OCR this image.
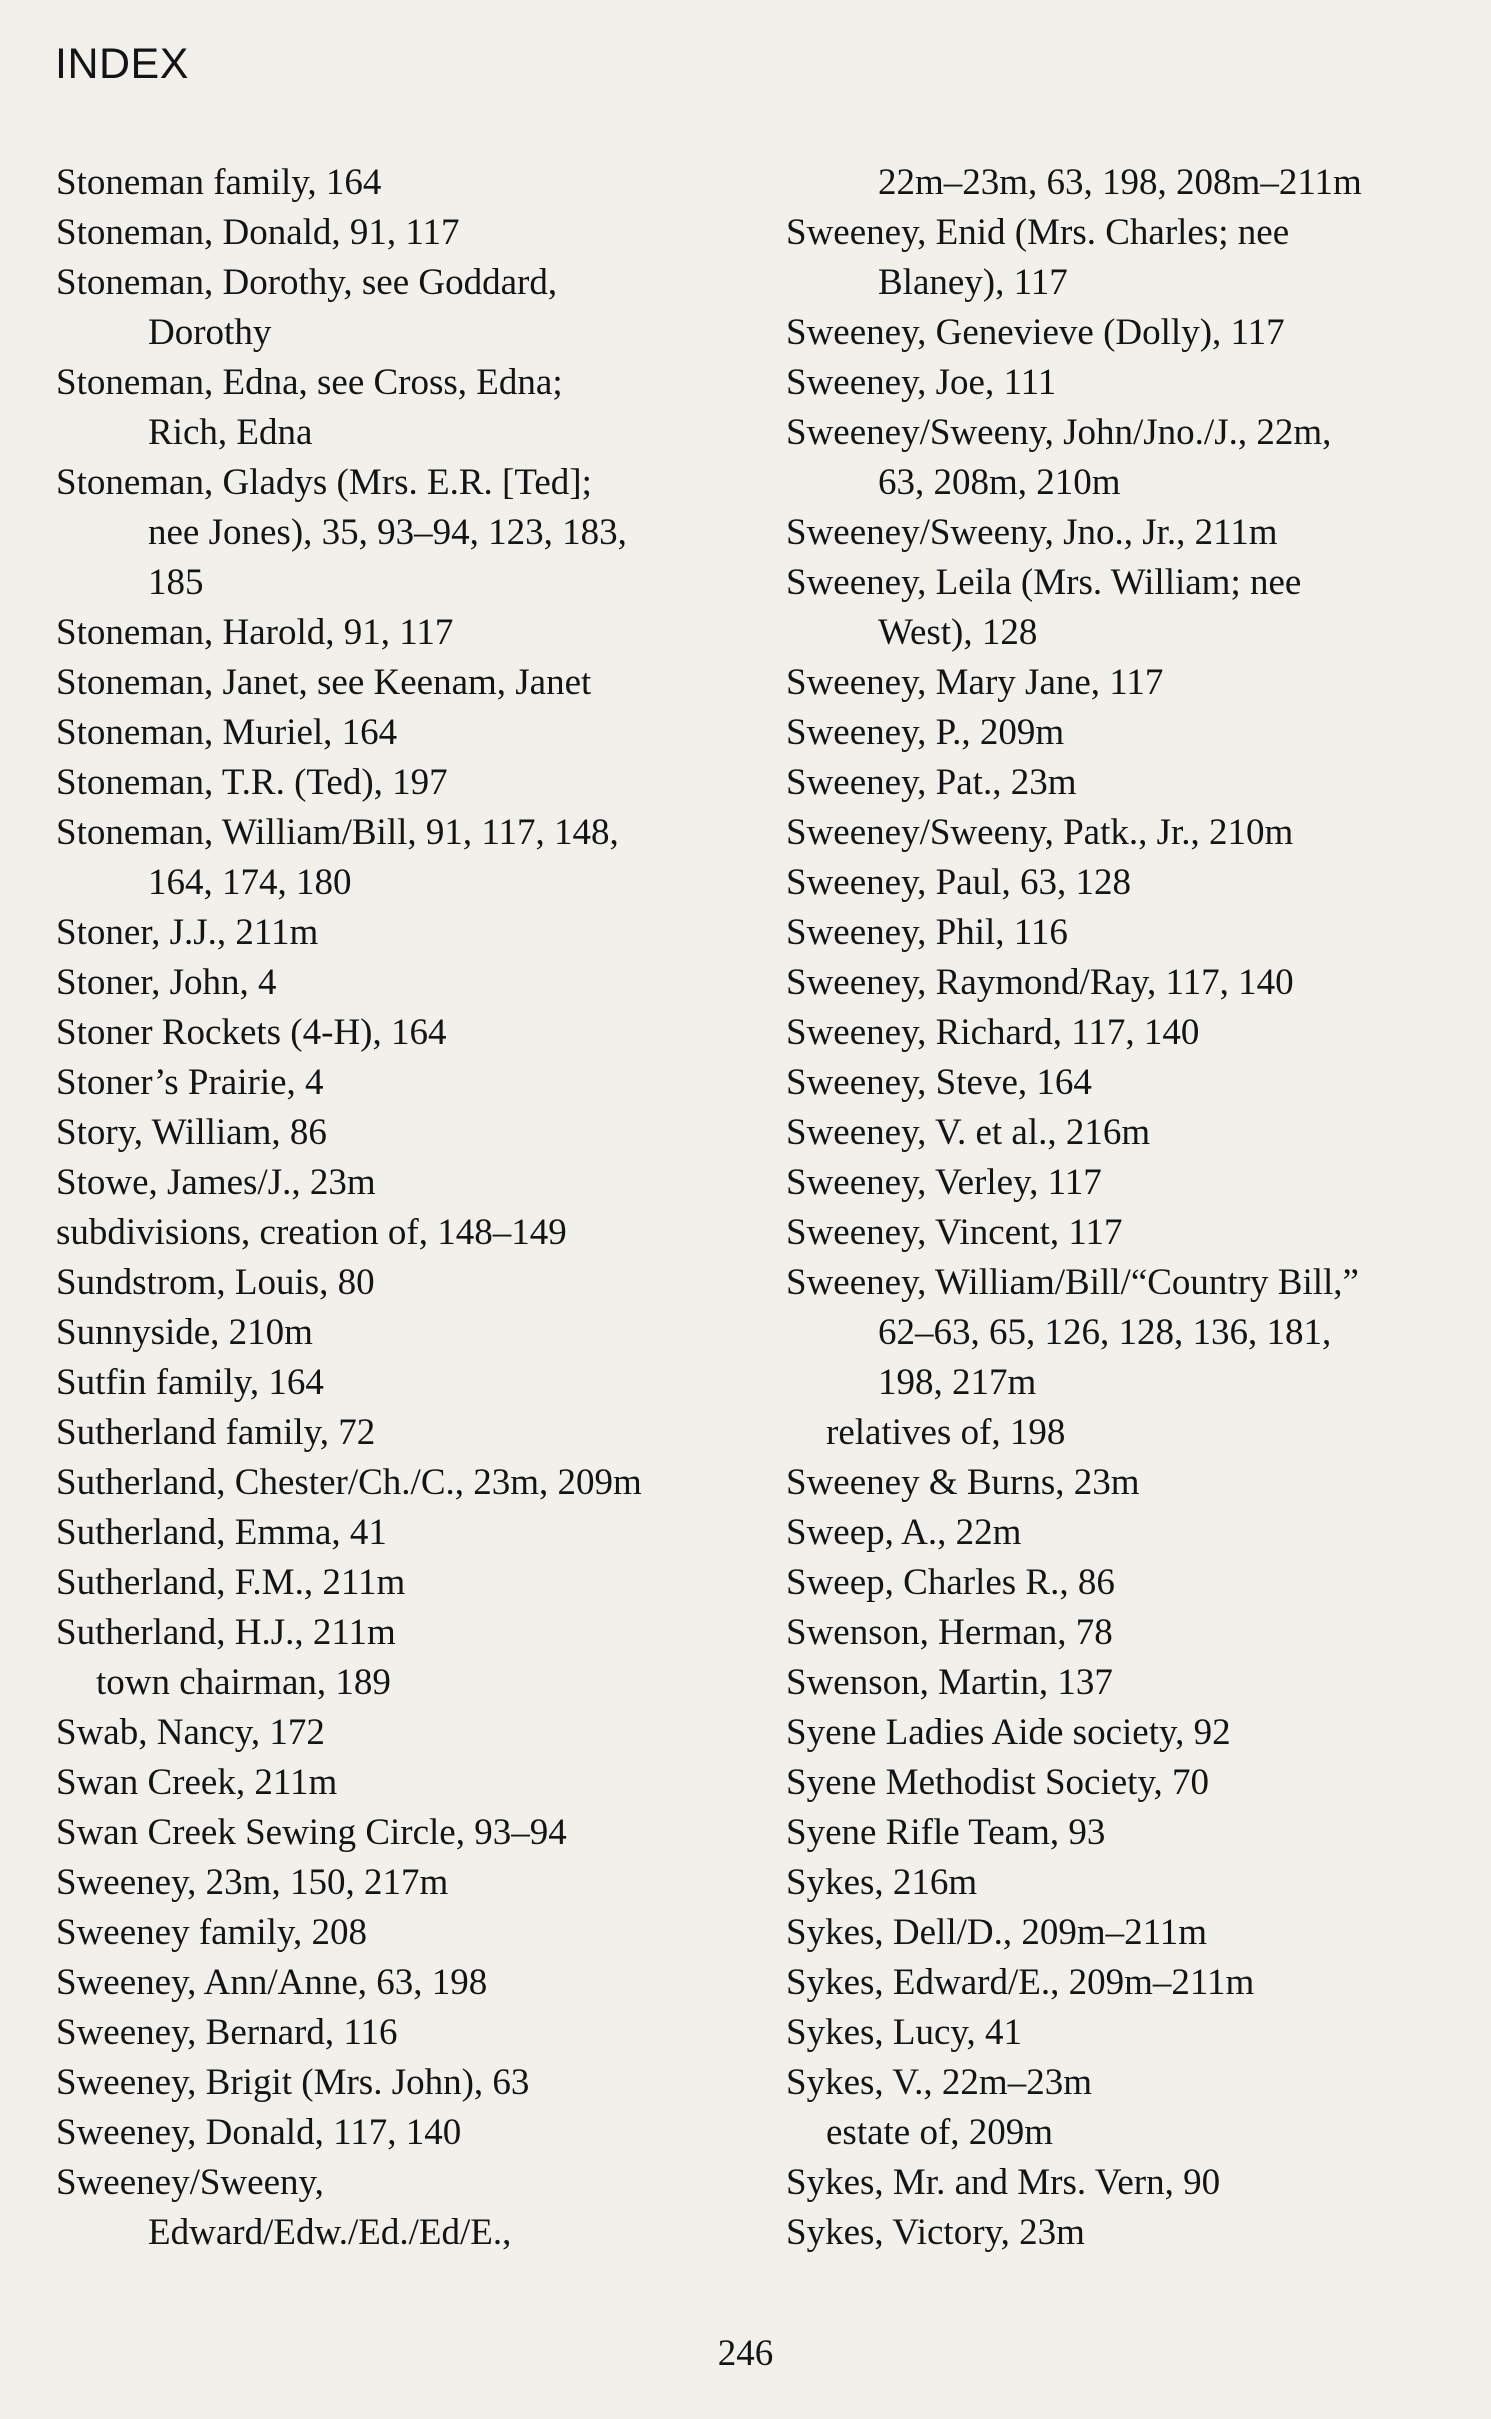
INDEX
Stoneman family, 164
Stoneman, Donald, 91, 117
Stoneman, Dorothy, see Goddard,
Dorothy
Stoneman, Edna, see Cross, Edna;
Rich, Edna
Stoneman, Gladys (Mrs. E.R. [Ted];
nee Jones), 35, 93–94, 123, 183,
185
Stoneman, Harold, 91, 117
Stoneman, Janet, see Keenam, Janet
Stoneman, Muriel, 164
Stoneman, T.R. (Ted), 197
Stoneman, William/Bill, 91, 117, 148,
164, 174, 180
Stoner, J.J., 211m
Stoner, John, 4
Stoner Rockets (4-H), 164
Stoner’s Prairie, 4
Story, William, 86
Stowe, James/J., 23m
subdivisions, creation of, 148–149
Sundstrom, Louis, 80
Sunnyside, 210m
Sutfin family, 164
Sutherland family, 72
Sutherland, Chester/Ch./C., 23m, 209m
Sutherland, Emma, 41
Sutherland, F.M., 211m
Sutherland, H.J., 211m
town chairman, 189
Swab, Nancy, 172
Swan Creek, 211m
Swan Creek Sewing Circle, 93–94
Sweeney, 23m, 150, 217m
Sweeney family, 208
Sweeney, Ann/Anne, 63, 198
Sweeney, Bernard, 116
Sweeney, Brigit (Mrs. John), 63
Sweeney, Donald, 117, 140
Sweeney/Sweeny,
Edward/Edw./Ed./Ed/E.,
22m–23m, 63, 198, 208m–211m
Sweeney, Enid (Mrs. Charles; nee
Blaney), 117
Sweeney, Genevieve (Dolly), 117
Sweeney, Joe, 111
Sweeney/Sweeny, John/Jno./J., 22m,
63, 208m, 210m
Sweeney/Sweeny, Jno., Jr., 211m
Sweeney, Leila (Mrs. William; nee
West), 128
Sweeney, Mary Jane, 117
Sweeney, P., 209m
Sweeney, Pat., 23m
Sweeney/Sweeny, Patk., Jr., 210m
Sweeney, Paul, 63, 128
Sweeney, Phil, 116
Sweeney, Raymond/Ray, 117, 140
Sweeney, Richard, 117, 140
Sweeney, Steve, 164
Sweeney, V. et al., 216m
Sweeney, Verley, 117
Sweeney, Vincent, 117
Sweeney, William/Bill/“Country Bill,”
62–63, 65, 126, 128, 136, 181,
198, 217m
relatives of, 198
Sweeney & Burns, 23m
Sweep, A., 22m
Sweep, Charles R., 86
Swenson, Herman, 78
Swenson, Martin, 137
Syene Ladies Aide society, 92
Syene Methodist Society, 70
Syene Rifle Team, 93
Sykes, 216m
Sykes, Dell/D., 209m–211m
Sykes, Edward/E., 209m–211m
Sykes, Lucy, 41
Sykes, V., 22m–23m
estate of, 209m
Sykes, Mr. and Mrs. Vern, 90
Sykes, Victory, 23m
246
